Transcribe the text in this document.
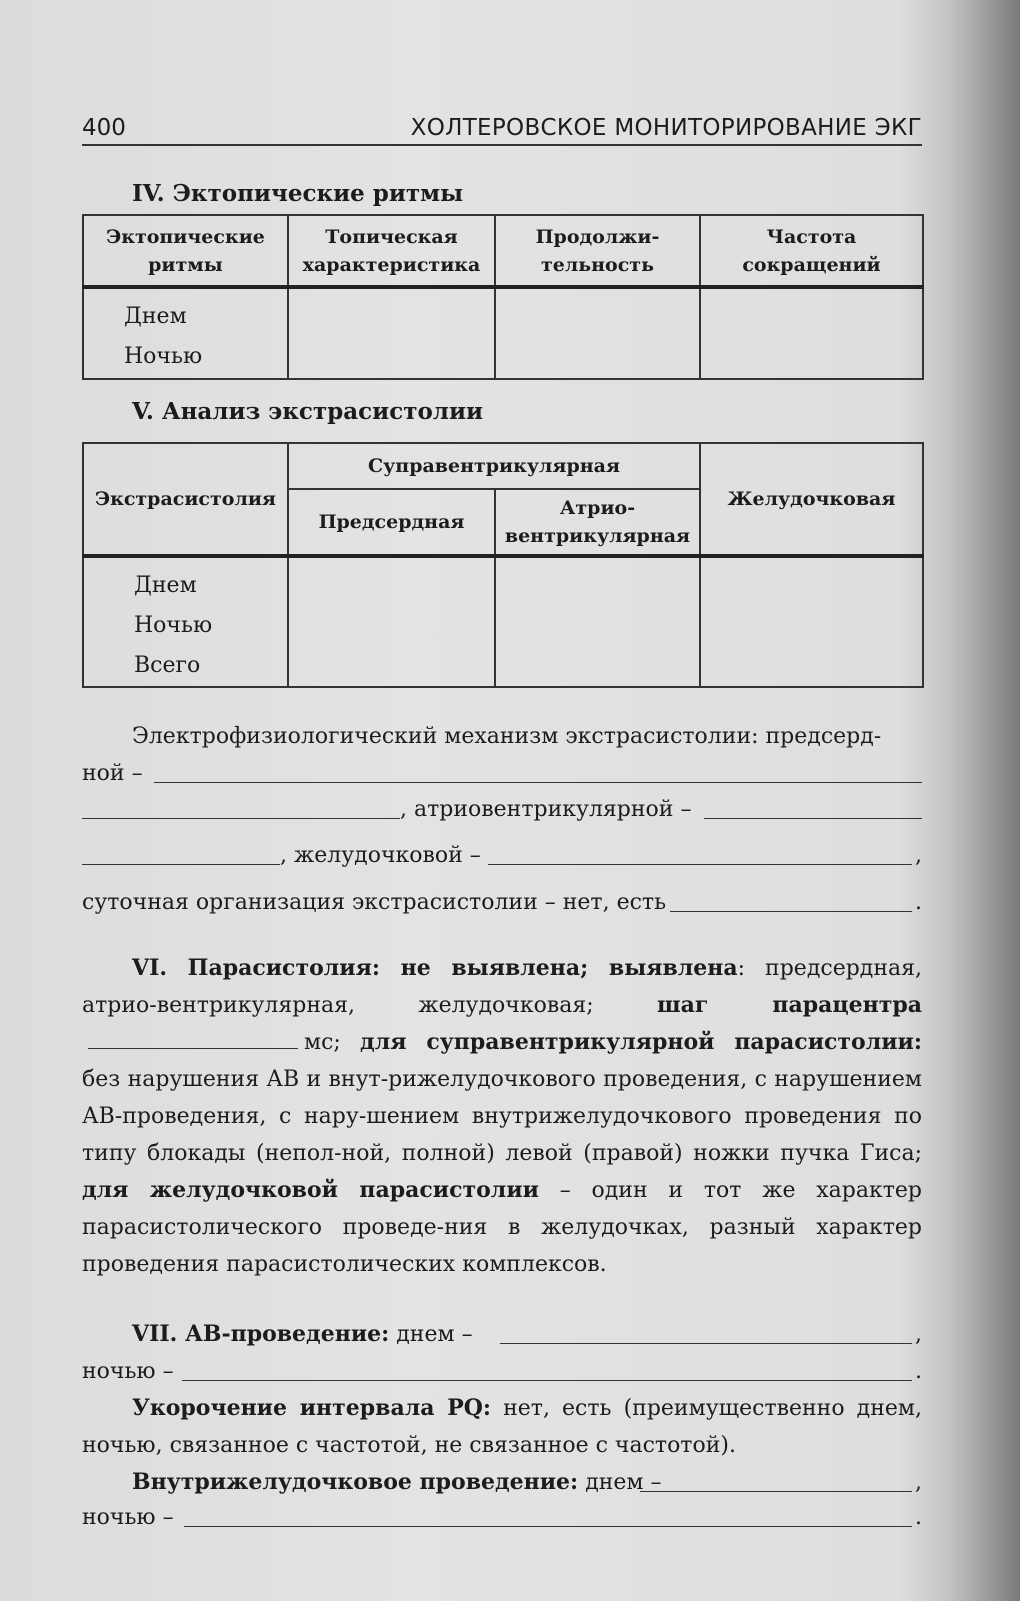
400	ХОЛТЕРОВСКОЕ МОНИТОРИРОВАНИЕ ЭКГ
IV. Эктопические ритмы
Эктопические ритмы	Топическая характеристика	Продолжи-тельность	Частота сокращений

Днем
Ночью			

V. Анализ экстрасистолии
Экстрасистолия	Суправентрикулярная		Желудочковая
	Предсердная	Атрио-вентрикулярная	

Днем
Ночью
Всего			

Электрофизиологический механизм экстрасистолии: предсерд-
ной –
, атриовентрикулярной –
, желудочковой –	,
суточная организация экстрасистолии – нет, есть	.
VI. Парасистолия: не выявлена; выявлена: предсердная, атрио-вентрикулярная, желудочковая; шаг парацентрамс; для суправентрикулярной парасистолии: без нарушения АВ и внут-рижелудочкового проведения, с нарушением АВ-проведения, с нару-шением внутрижелудочкового проведения по типу блокады (непол-ной, полной) левой (правой) ножки пучка Гиса; для желудочковой парасистолии – один и тот же характер парасистолического проведе-ния в желудочках, разный характер проведения парасистолических комплексов.
VII. АВ-проведение: днем –	,
ночью –	.
Укорочение интервала PQ: нет, есть (преимущественно днем, ночью, связанное с частотой, не связанное с частотой).
Внутрижелудочковое проведение: днем –	,
ночью –	.
